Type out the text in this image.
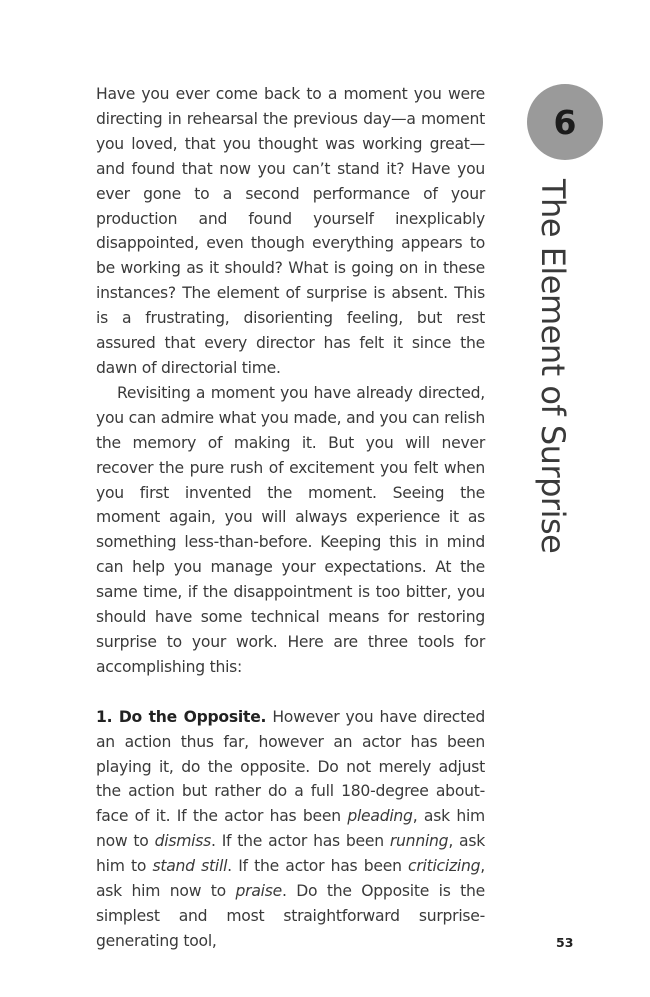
Have you ever come back to a moment you were directing in rehearsal the previous day—a moment you loved, that you thought was working great—and found that now you can’t stand it? Have you ever gone to a second performance of your production and found yourself inexplicably disappointed, even though everything appears to be working as it should? What is going on in these instances? The element of surprise is absent. This is a frustrating, disorienting feeling, but rest assured that every director has felt it since the dawn of directorial time.

Revisiting a moment you have already directed, you can admire what you made, and you can relish the memory of making it. But you will never recover the pure rush of excitement you felt when you first invented the moment. Seeing the moment again, you will always experience it as something less-than-before. Keeping this in mind can help you manage your expectations. At the same time, if the disappointment is too bitter, you should have some technical means for restoring surprise to your work. Here are three tools for accomplishing this:

1. Do the Opposite. However you have directed an action thus far, however an actor has been playing it, do the opposite. Do not merely adjust the action but rather do a full 180-degree about-face of it. If the actor has been pleading, ask him now to dismiss. If the actor has been running, ask him to stand still. If the actor has been criticizing, ask him now to praise. Do the Opposite is the simplest and most straightforward surprise-generating tool,

6
The Element of Surprise
53
